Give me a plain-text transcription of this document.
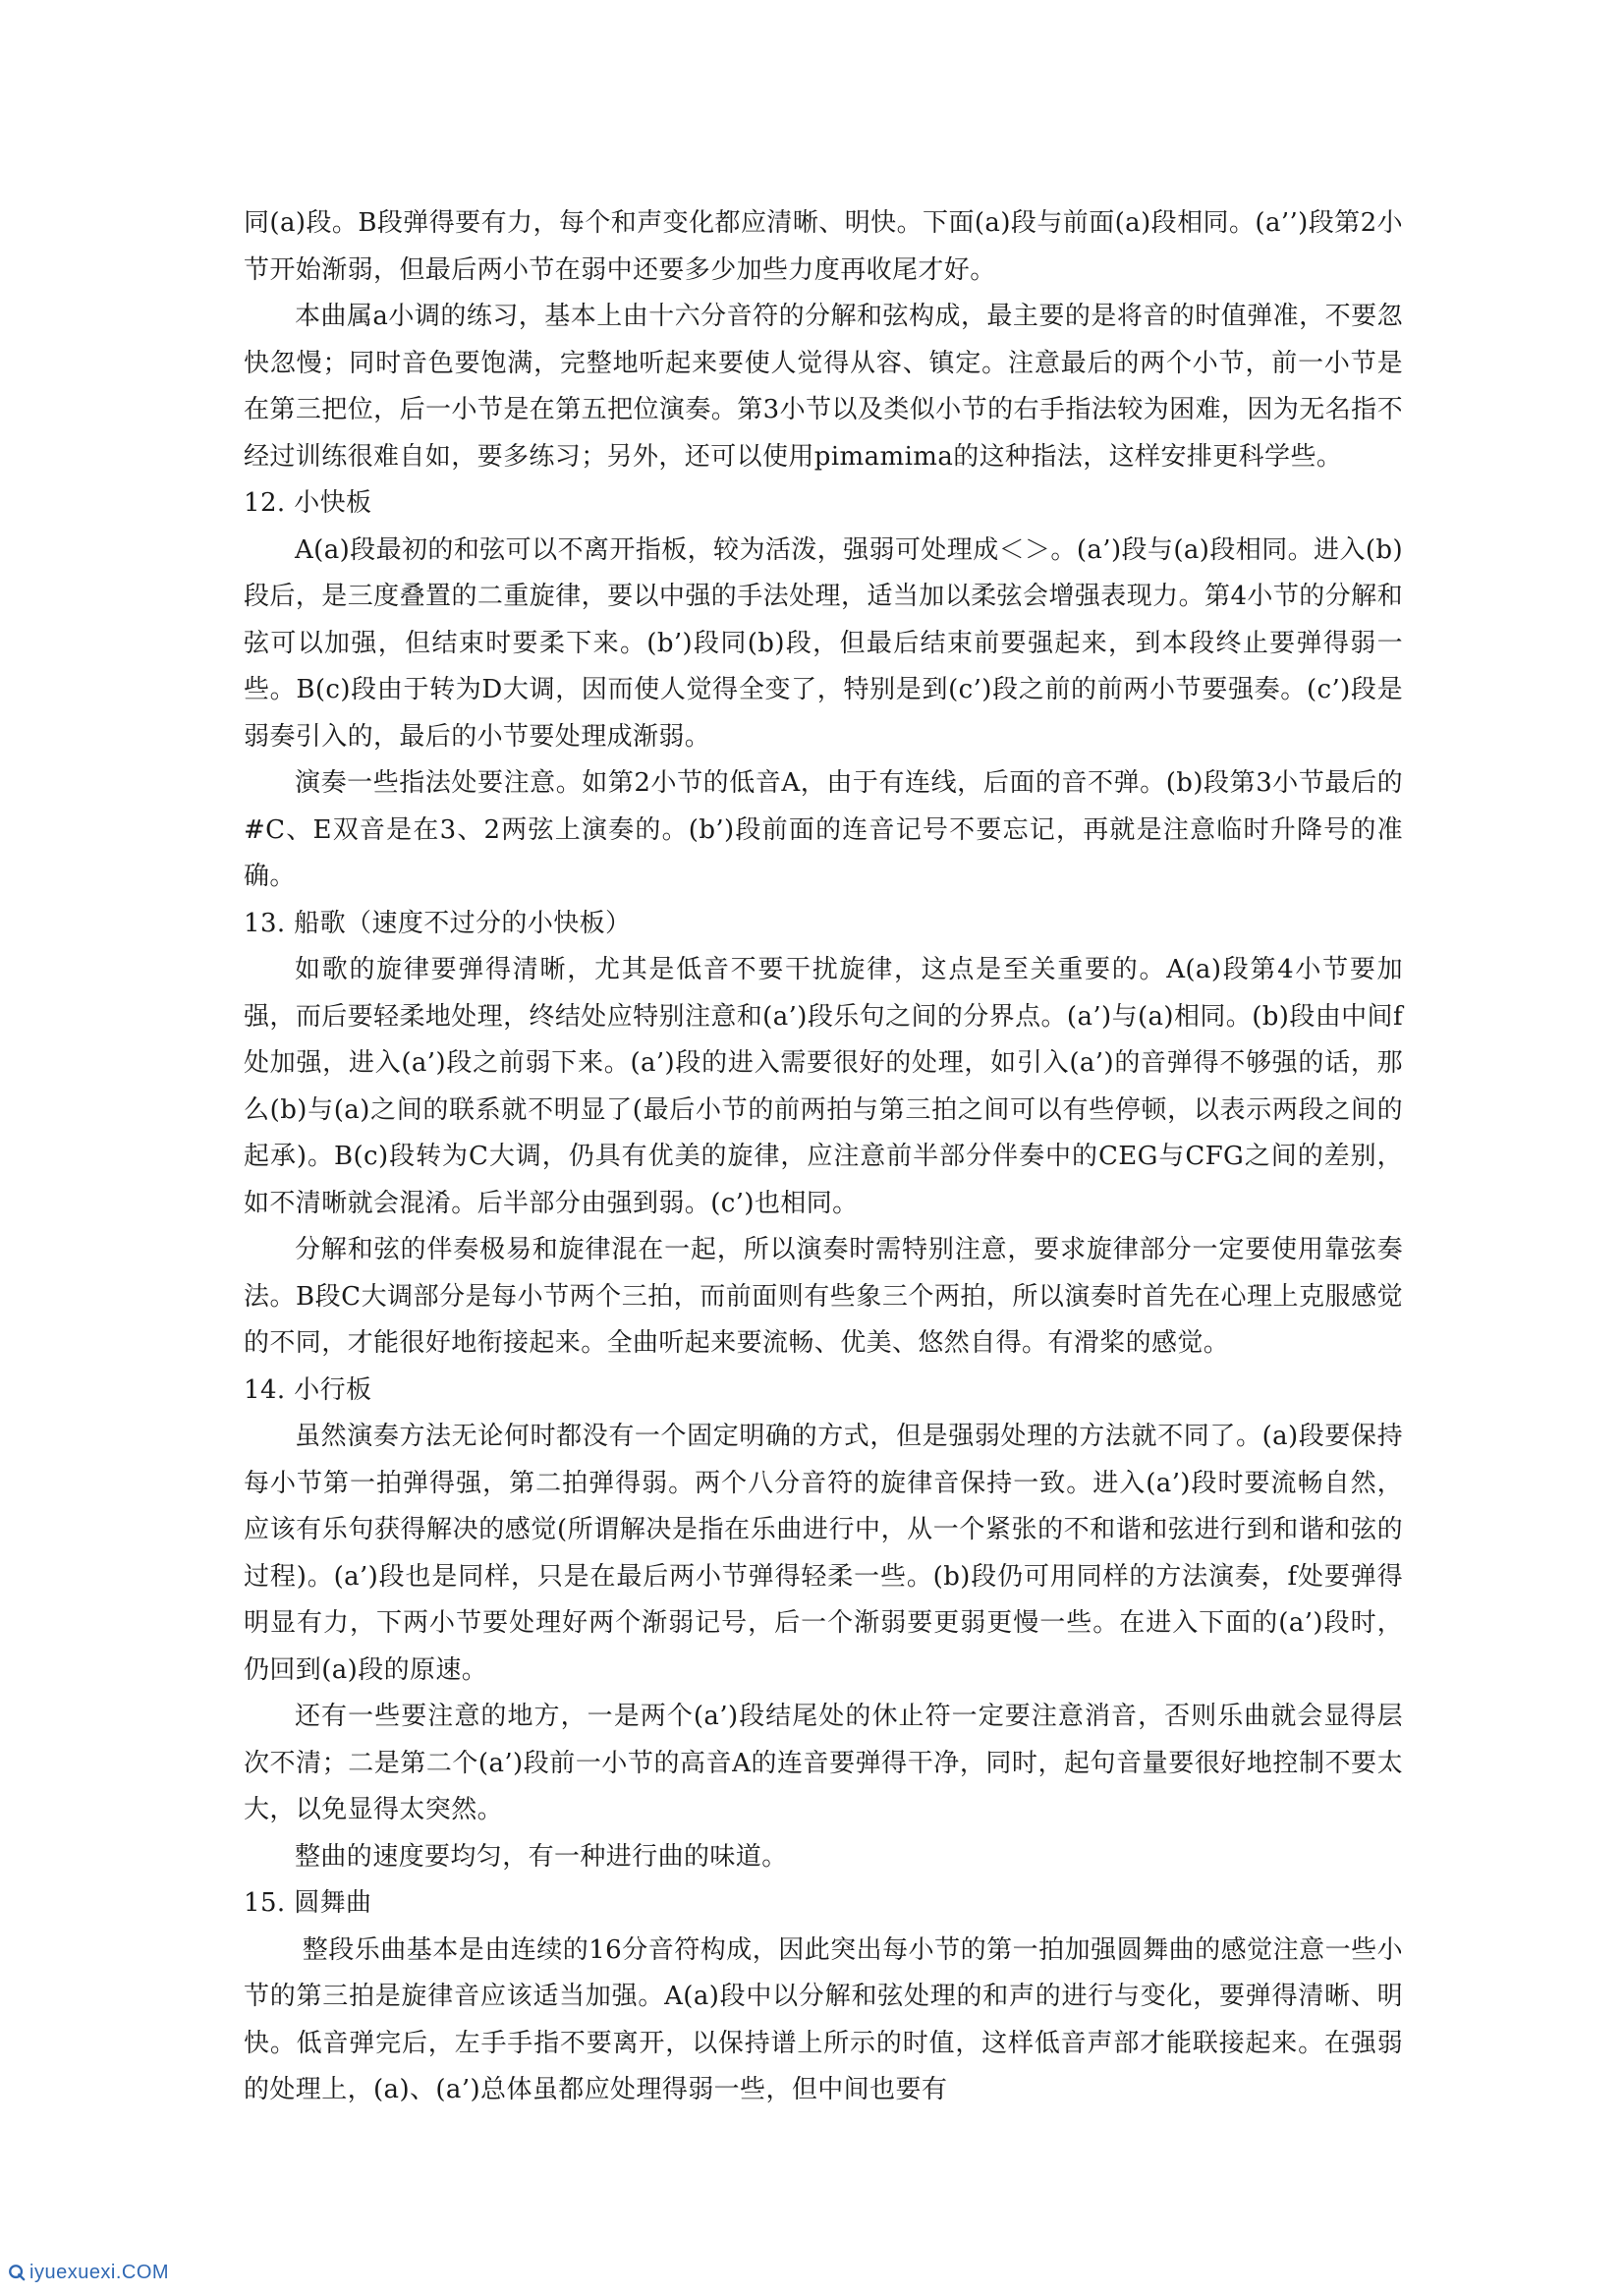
同(a)段。B段弹得要有力，每个和声变化都应清晰、明快。下面(a)段与前面(a)段相同。(a’’)段第2小节开始渐弱，但最后两小节在弱中还要多少加些力度再收尾才好。

本曲属a小调的练习，基本上由十六分音符的分解和弦构成，最主要的是将音的时值弹准，不要忽快忽慢；同时音色要饱满，完整地听起来要使人觉得从容、镇定。注意最后的两个小节，前一小节是在第三把位，后一小节是在第五把位演奏。第3小节以及类似小节的右手指法较为困难，因为无名指不经过训练很难自如，要多练习；另外，还可以使用pimamima的这种指法，这样安排更科学些。

12. 小快板

A(a)段最初的和弦可以不离开指板，较为活泼，强弱可处理成＜＞。(a’)段与(a)段相同。进入(b)段后，是三度叠置的二重旋律，要以中强的手法处理，适当加以柔弦会增强表现力。第4小节的分解和弦可以加强，但结束时要柔下来。(b’)段同(b)段，但最后结束前要强起来，到本段终止要弹得弱一些。B(c)段由于转为D大调，因而使人觉得全变了，特别是到(c’)段之前的前两小节要强奏。(c’)段是弱奏引入的，最后的小节要处理成渐弱。

演奏一些指法处要注意。如第2小节的低音A，由于有连线，后面的音不弹。(b)段第3小节最后的#C、E双音是在3、2两弦上演奏的。(b’)段前面的连音记号不要忘记，再就是注意临时升降号的准确。

13. 船歌（速度不过分的小快板）

如歌的旋律要弹得清晰，尤其是低音不要干扰旋律，这点是至关重要的。A(a)段第4小节要加强，而后要轻柔地处理，终结处应特别注意和(a’)段乐句之间的分界点。(a’)与(a)相同。(b)段由中间f处加强，进入(a’)段之前弱下来。(a’)段的进入需要很好的处理，如引入(a’)的音弹得不够强的话，那么(b)与(a)之间的联系就不明显了(最后小节的前两拍与第三拍之间可以有些停顿，以表示两段之间的起承)。B(c)段转为C大调，仍具有优美的旋律，应注意前半部分伴奏中的CEG与CFG之间的差别，如不清晰就会混淆。后半部分由强到弱。(c’)也相同。

分解和弦的伴奏极易和旋律混在一起，所以演奏时需特别注意，要求旋律部分一定要使用靠弦奏法。B段C大调部分是每小节两个三拍，而前面则有些象三个两拍，所以演奏时首先在心理上克服感觉的不同，才能很好地衔接起来。全曲听起来要流畅、优美、悠然自得。有滑桨的感觉。

14. 小行板

虽然演奏方法无论何时都没有一个固定明确的方式，但是强弱处理的方法就不同了。(a)段要保持每小节第一拍弹得强，第二拍弹得弱。两个八分音符的旋律音保持一致。进入(a’)段时要流畅自然，应该有乐句获得解决的感觉(所谓解决是指在乐曲进行中，从一个紧张的不和谐和弦进行到和谐和弦的过程)。(a’)段也是同样，只是在最后两小节弹得轻柔一些。(b)段仍可用同样的方法演奏，f处要弹得明显有力，下两小节要处理好两个渐弱记号，后一个渐弱要更弱更慢一些。在进入下面的(a’)段时，仍回到(a)段的原速。

还有一些要注意的地方，一是两个(a’)段结尾处的休止符一定要注意消音，否则乐曲就会显得层次不清；二是第二个(a’)段前一小节的高音A的连音要弹得干净，同时，起句音量要很好地控制不要太大，以免显得太突然。

整曲的速度要均匀，有一种进行曲的味道。

15. 圆舞曲

整段乐曲基本是由连续的16分音符构成，因此突出每小节的第一拍加强圆舞曲的感觉注意一些小节的第三拍是旋律音应该适当加强。A(a)段中以分解和弦处理的和声的进行与变化，要弹得清晰、明快。低音弹完后，左手手指不要离开，以保持谱上所示的时值，这样低音声部才能联接起来。在强弱的处理上，(a)、(a’)总体虽都应处理得弱一些，但中间也要有

iyuexuexi.COM
